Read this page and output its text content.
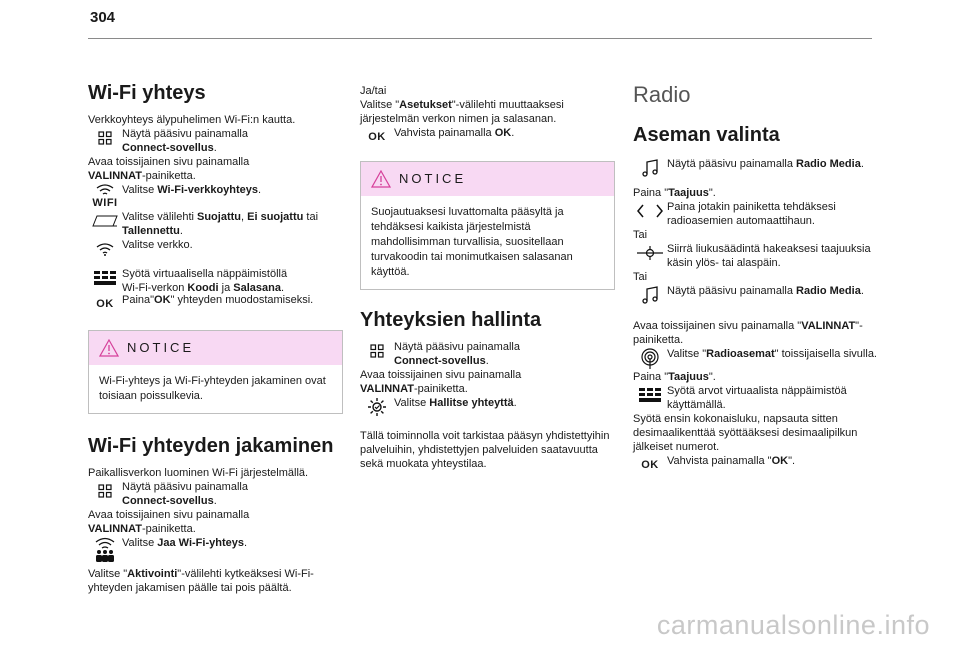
304
Wi-Fi yhteys

Verkkoyhteys älypuhelimen Wi-Fi:n kautta.

Näytä pääsivu painamalla
Connect-sovellus.

Avaa toissijainen sivu painamalla
VALINNAT-painiketta.

WIFI
Valitse Wi-Fi-verkkoyhteys.
Valitse välilehti Suojattu, Ei suojattu tai
Tallennettu.
Valitse verkko.
Syötä virtuaalisella näppäimistöllä
Wi-Fi-verkon Koodi ja Salasana.
OK Paina"OK" yhteyden muodostamiseksi.
NOTICE
Wi-Fi-yhteys ja Wi-Fi-yhteyden jakaminen ovat toisiaan poissulkevia.
Wi-Fi yhteyden jakaminen

Paikallisverkon luominen Wi-Fi järjestelmällä.

Näytä pääsivu painamalla
Connect-sovellus.

Avaa toissijainen sivu painamalla
VALINNAT-painiketta.

Valitse Jaa Wi-Fi-yhteys.

Valitse "Aktivointi"-välilehti kytkeäksesi Wi-Fi-yhteyden jakamisen päälle tai pois päältä.

Ja/tai

Valitse "Asetukset"-välilehti muuttaaksesi järjestelmän verkon nimen ja salasanan.

OK Vahvista painamalla OK.
NOTICE
Suojautuaksesi luvattomalta pääsyltä ja tehdäksesi kaikista järjestelmistä mahdollisimman turvallisia, suositellaan turvakoodin tai monimutkaisen salasanan käyttöä.
Yhteyksien hallinta
Näytä pääsivu painamalla
Connect-sovellus.

Avaa toissijainen sivu painamalla
VALINNAT-painiketta.

Valitse Hallitse yhteyttä.

Tällä toiminnolla voit tarkistaa pääsyn yhdistettyihin palveluihin, yhdistettyjen palveluiden saatavuutta sekä muokata yhteystilaa.

Radio
Aseman valinta
Näytä pääsivu painamalla Radio Media.

Paina "Taajuus".

Paina jotakin painiketta tehdäksesi radioasemien automaattihaun.

Tai

Siirrä liukusäädintä hakeaksesi taajuuksia käsin ylös- tai alaspäin.

Tai

Näytä pääsivu painamalla Radio Media.

Avaa toissijainen sivu painamalla "VALINNAT"-painiketta.

Valitse "Radioasemat" toissijaisella sivulla.

Paina "Taajuus".

Syötä arvot virtuaalista näppäimistöä käyttämällä.

Syötä ensin kokonaisluku, napsauta sitten desimaalikenttää syöttääksesi desimaalipilkun jälkeiset numerot.

OK Vahvista painamalla "OK".
carmanualsonline.info
